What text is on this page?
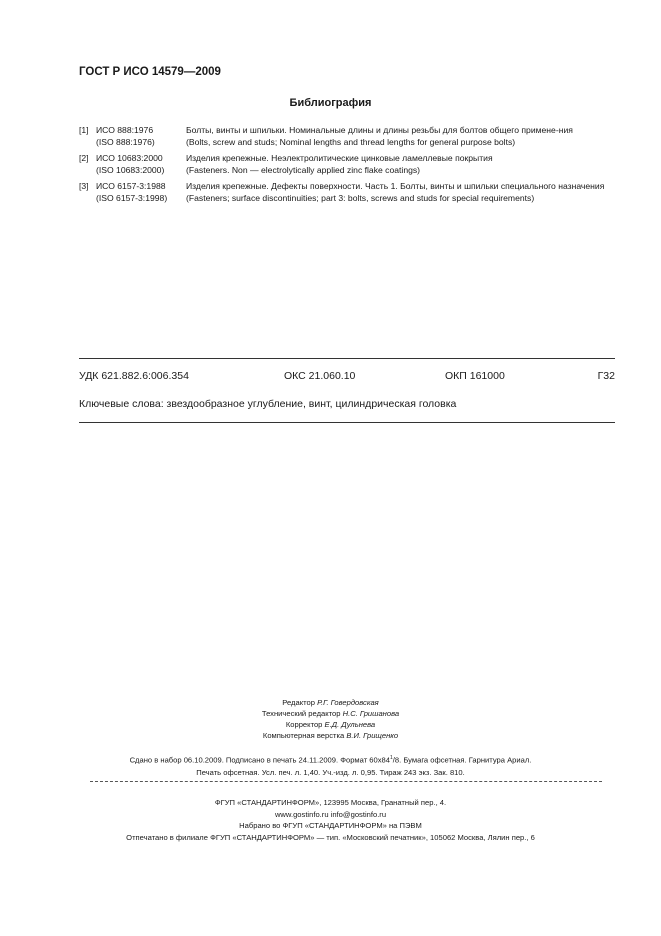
ГОСТ Р ИСО 14579—2009
Библиография
[1] ИСО 888:1976	Болты, винты и шпильки. Номинальные длины и длины резьбы для болтов общего примене-ния
(ISO 888:1976)	(Bolts, screw and studs; Nominal lengths and thread lengths for general purpose bolts)
[2] ИСО 10683:2000	Изделия крепежные. Неэлектролитические цинковые ламеллевые покрытия
(ISO 10683:2000)	(Fasteners. Non — electrolytically applied zinc flake coatings)
[3] ИСО 6157-3:1988	Изделия крепежные. Дефекты поверхности. Часть 1. Болты, винты и шпильки специального назначения
(ISO 6157-3:1998)	(Fasteners; surface discontinuities; part 3: bolts, screws and studs for special requirements)
УДК 621.882.6:006.354	ОКС 21.060.10	ОКП 161000	Г32
Ключевые слова: звездообразное углубление, винт, цилиндрическая головка
Редактор Р.Г. Говердовская
Технический редактор Н.С. Гришанова
Корректор Е.Д. Дульнева
Компьютерная верстка В.И. Грищенко
Сдано в набор 06.10.2009. Подписано в печать 24.11.2009. Формат $60x84^1/8$. Бумага офсетная. Гарнитура Ариал.
Печать офсетная. Усл. печ. л. 1,40. Уч.-изд. л. 0,95. Тираж 243 экз. Зак. 810.
ФГУП «СТАНДАРТИНФОРМ», 123995 Москва, Гранатный пер., 4.
www.gostinfo.ru info@gostinfo.ru
Набрано во ФГУП «СТАНДАРТИНФОРМ» на ПЭВМ
Отпечатано в филиале ФГУП «СТАНДАРТИНФОРМ» — тип. «Московский печатник», 105062 Москва, Лялин пер., 6
